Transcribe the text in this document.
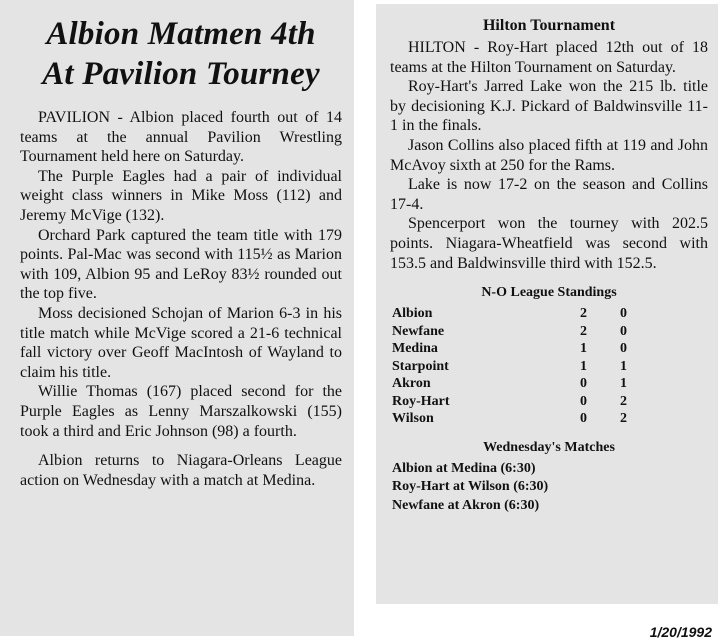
Albion Matmen 4th
At Pavilion Tourney

PAVILION - Albion placed fourth out of 14 teams at the annual Pavilion Wrestling Tournament held here on Saturday.

The Purple Eagles had a pair of individual weight class winners in Mike Moss (112) and Jeremy McVige (132).

Orchard Park captured the team title with 179 points. Pal-Mac was second with 115½ as Marion with 109, Albion 95 and LeRoy 83½ rounded out the top five.

Moss decisioned Schojan of Marion 6-3 in his title match while McVige scored a 21-6 technical fall victory over Geoff MacIntosh of Wayland to claim his title.

Willie Thomas (167) placed second for the Purple Eagles as Lenny Marszalkowski (155) took a third and Eric Johnson (98) a fourth.

Albion returns to Niagara-Orleans League action on Wednesday with a match at Medina.

Hilton Tournament

HILTON - Roy-Hart placed 12th out of 18 teams at the Hilton Tournament on Saturday.

Roy-Hart's Jarred Lake won the 215 lb. title by decisioning K.J. Pickard of Baldwinsville 11-1 in the finals.

Jason Collins also placed fifth at 119 and John McAvoy sixth at 250 for the Rams.

Lake is now 17-2 on the season and Collins 17-4.

Spencerport won the tourney with 202.5 points. Niagara-Wheatfield was second with 153.5 and Baldwinsville third with 152.5.

N-O League Standings
Albion	2	0
Newfane	2	0
Medina	1	0
Starpoint	1	1
Akron	0	1
Roy-Hart	0	2
Wilson	0	2
Wednesday's Matches

Albion at Medina (6:30)

Roy-Hart at Wilson (6:30)

Newfane at Akron (6:30)

1/20/1992
